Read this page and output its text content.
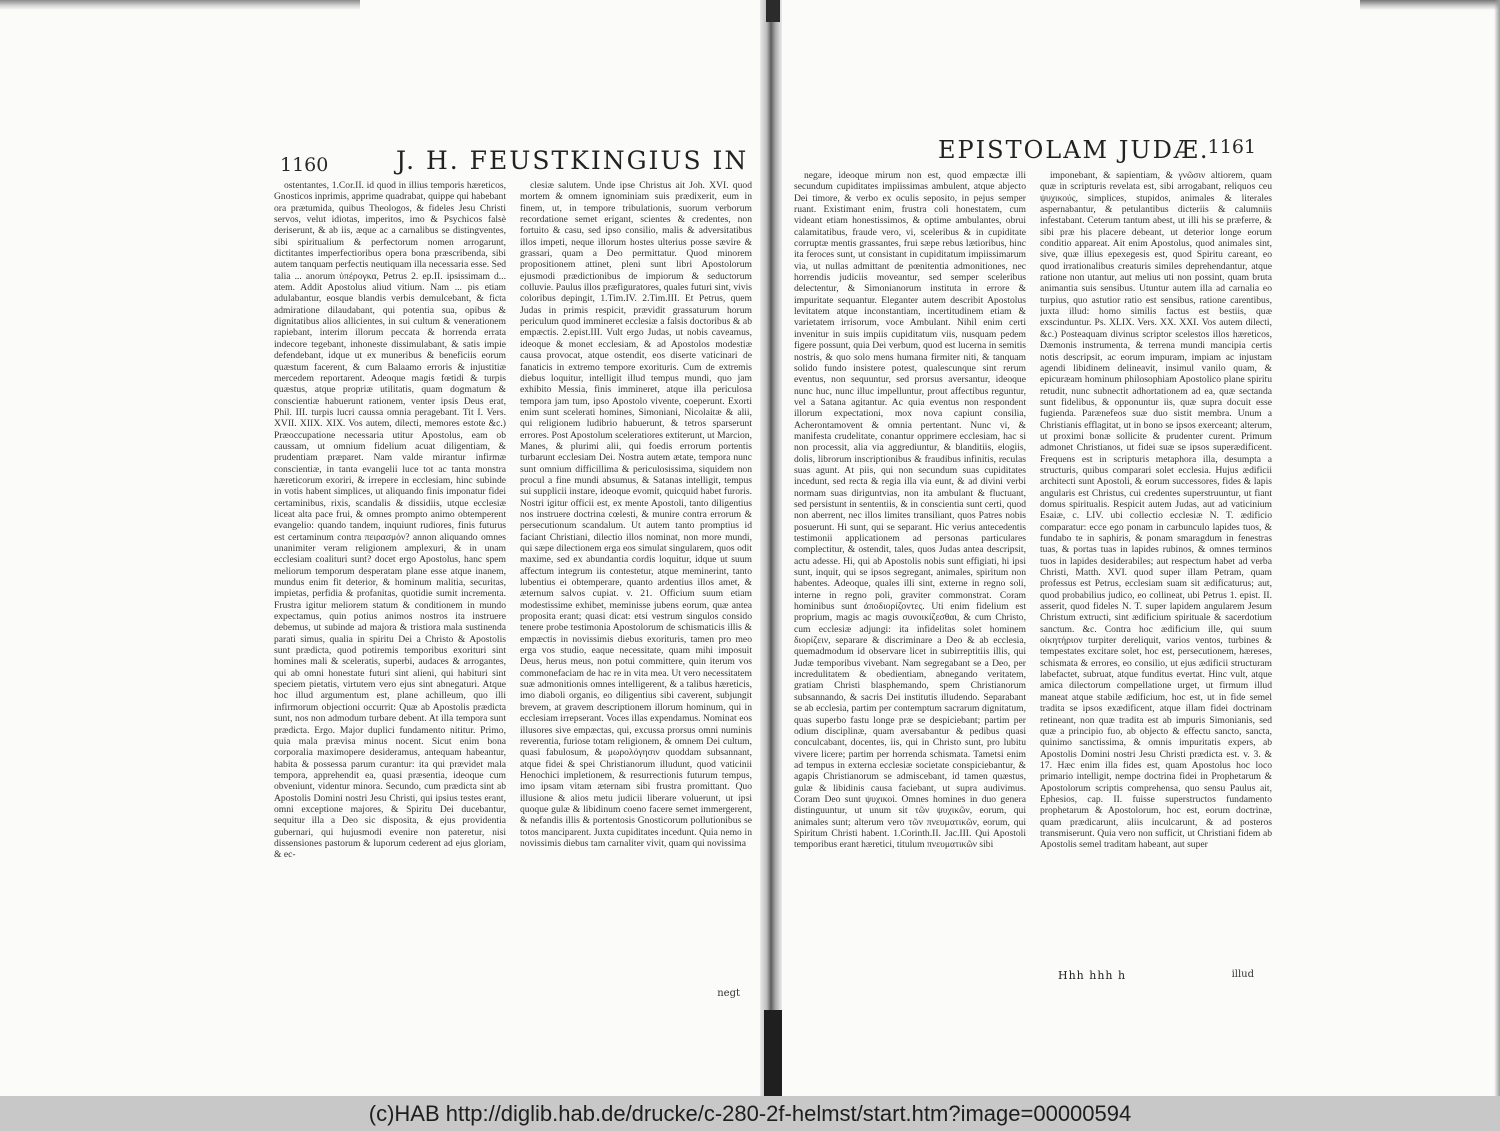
1160	J. H. FEUSTKINGIUS IN

ostentantes, 1.Cor.II. id quod in illius temporis hæreticos, Gnosticos inprimis, apprime quadrabat, quippe qui habebant ora prætumida, quibus Theologos, & fideles Jesu Christi servos, velut idiotas, imperitos, imo & Psychicos falsè deriserunt, & ab iis, æque ac a carnalibus se distingventes, sibi spiritualium & perfectorum nomen arrogarunt, dictitantes imperfectioribus opera bona præscribenda, sibi autem tanquam perfectis neutiquam illa necessaria esse. Sed talia ... anorum ὑπέρογκα, Petrus 2. ep.II. ipsissimam d... atem. Addit Apostolus aliud vitium. Nam ... pis etiam adulabantur, eosque blandis verbis demulcebant, & ficta admiratione dilaudabant, qui potentia sua, opibus & dignitatibus alios allicientes, in sui cultum & venerationem rapiebant, interim illorum peccata & horrenda errata indecore tegebant, inhoneste dissimulabant, & satis impie defendebant, idque ut ex muneribus & beneficiis eorum quæstum facerent, & cum Balaamo erroris & injustitiæ mercedem reportarent. Adeoque magis fœtidi & turpis quæstus, atque propriæ utilitatis, quam dogmatum & conscientiæ habuerunt rationem, venter ipsis Deus erat, Phil. III. turpis lucri caussa omnia peragebant. Tit I. Vers. XVII. XIIX. XIX. Vos autem, dilecti, memores estote &c.) Præoccupatione necessaria utitur Apostolus, eam ob caussam, ut omnium fidelium acuat diligentiam, & prudentiam præparet. Nam valde mirantur infirmæ conscientiæ, in tanta evangelii luce tot ac tanta monstra hæreticorum exoriri, & irrepere in ecclesiam, hinc subinde in votis habent simplices, ut aliquando finis imponatur fidei certaminibus, rixis, scandalis & dissidiis, utque ecclesiæ liceat alta pace frui, & omnes prompto animo obtemperent evangelio: quando tandem, inquiunt rudiores, finis futurus est certaminum contra πειρασμόν? annon aliquando omnes unanimiter veram religionem amplexuri, & in unam ecclesiam coalituri sunt? docet ergo Apostolus, hanc spem meliorum temporum desperatam plane esse atque inanem, mundus enim fit deterior, & hominum malitia, securitas, impietas, perfidia & profanitas, quotidie sumit incrementa. Frustra igitur meliorem statum & conditionem in mundo expectamus, quin potius animos nostros ita instruere debemus, ut subinde ad majora & tristiora mala sustinenda parati simus, qualia in spiritu Dei a Christo & Apostolis sunt prædicta, quod potiremis temporibus exorituri sint homines mali & sceleratis, superbi, audaces & arrogantes, qui ab omni honestate futuri sint alieni, qui habituri sint speciem pietatis, virtutem vero ejus sint abnegaturi. Atque hoc illud argumentum est, plane achilleum, quo illi infirmorum objectioni occurrit: Quæ ab Apostolis prædicta sunt, nos non admodum turbare debent. At illa tempora sunt prædicta. Ergo. Major duplici fundamento nititur. Primo, quia mala prævisa minus nocent. Sicut enim bona corporalia maximopere desideramus, antequam habeantur, habita & possessa parum curantur: ita qui prævidet mala tempora, apprehendit ea, quasi præsentia, ideoque cum obveniunt, videntur minora. Secundo, cum prædicta sint ab Apostolis Domini nostri Jesu Christi, qui ipsius testes erant, omni exceptione majores, & Spiritu Dei ducebantur, sequitur illa a Deo sic disposita, & ejus providentia gubernari, qui hujusmodi evenire non pateretur, nisi dissensiones pastorum & luporum cederent ad ejus gloriam, & ec-

clesiæ salutem. Unde ipse Christus ait Joh. XVI. quod mortem & omnem ignominiam suis prædixerit, eum in finem, ut, in tempore tribulationis, suorum verborum recordatione semet erigant, scientes & credentes, non fortuito & casu, sed ipso consilio, malis & adversitatibus illos impeti, neque illorum hostes ulterius posse sævire & grassari, quam a Deo permittatur. Quod minorem propositionem attinet, pleni sunt libri Apostolorum ejusmodi prædictionibus de impiorum & seductorum colluvie. Paulus illos præfiguratores, quales futuri sint, vivis coloribus depingit, 1.Tim.IV. 2.Tim.III. Et Petrus, quem Judas in primis respicit, prævidit grassaturum horum periculum quod immineret ecclesiæ a falsis doctoribus & ab empæctis. 2.epist.III. Vult ergo Judas, ut nobis caveamus, ideoque & monet ecclesiam, & ad Apostolos modestiæ causa provocat, atque ostendit, eos diserte vaticinari de fanaticis in extremo tempore exorituris. Cum de extremis diebus loquitur, intelligit illud tempus mundi, quo jam exhibito Messia, finis immineret, atque illa periculosa tempora jam tum, ipso Apostolo vivente, coeperunt. Exorti enim sunt scelerati homines, Simoniani, Nicolaitæ & alii, qui religionem ludibrio habuerunt, & tetros sparserunt errores. Post Apostolum sceleratiores extiterunt, ut Marcion, Manes, & plurimi alii, qui foedis errorum portentis turbarunt ecclesiam Dei. Nostra autem ætate, tempora nunc sunt omnium difficillima & periculosissima, siquidem non procul a fine mundi absumus, & Satanas intelligit, tempus sui supplicii instare, ideoque evomit, quicquid habet furoris. Nostri igitur officii est, ex mente Apostoli, tanto diligentius nos instruere doctrina cœlesti, & munire contra errorum & persecutionum scandalum. Ut autem tanto promptius id faciant Christiani, dilectio illos nominat, non more mundi, qui sæpe dilectionem erga eos simulat singularem, quos odit maxime, sed ex abundantia cordis loquitur, idque ut suum affectum integrum iis contestetur, atque meminerint, tanto lubentius ei obtemperare, quanto ardentius illos amet, & æternum salvos cupiat. v. 21. Officium suum etiam modestissime exhibet, meminisse jubens eorum, quæ antea proposita erant; quasi dicat: etsi vestrum singulos consido tenere probe testimonia Apostolorum de schismaticis illis & empæctis in novissimis diebus exorituris, tamen pro meo erga vos studio, eaque necessitate, quam mihi imposuit Deus, herus meus, non potui committere, quin iterum vos commonefaciam de hac re in vita mea. Ut vero necessitatem suæ admonitionis omnes intelligerent, & a talibus hæreticis, imo diaboli organis, eo diligentius sibi caverent, subjungit brevem, at gravem descriptionem illorum hominum, qui in ecclesiam irrepserant. Voces illas expendamus. Nominat eos illusores sive empæctas, qui, excussa prorsus omni numinis reverentia, furiose totam religionem, & omnem Dei cultum, quasi fabulosum, & μωρολόγησιν quoddam subsannant, atque fidei & spei Christianorum illudunt, quod vaticinii Henochici impletionem, & resurrectionis futurum tempus, imo ipsam vitam æternam sibi frustra promittant. Quo illusione & alios metu judicii liberare voluerunt, ut ipsi quoque gulæ & libidinum coeno facere semet immergerent, & nefandis illis & portentosis Gnosticorum pollutionibus se totos manciparent. Juxta cupiditates incedunt. Quia nemo in novissimis diebus tam carnaliter vivit, quam qui novissima

negt
EPISTOLAM JUDÆ.
1161

negare, ideoque mirum non est, quod empæctæ illi secundum cupiditates impiissimas ambulent, atque abjecto Dei timore, & verbo ex oculis seposito, in pejus semper ruant. Existimant enim, frustra coli honestatem, cum videant etiam honestissimos, & optime ambulantes, obrui calamitatibus, fraude vero, vi, sceleribus & in cupiditate corruptæ mentis grassantes, frui sæpe rebus lætioribus, hinc ita feroces sunt, ut consistant in cupiditatum impiissimarum via, ut nullas admittant de pœnitentia admonitiones, nec horrendis judiciis moveantur, sed semper sceleribus delectentur, & Simonianorum instituta in errore & impuritate sequantur. Eleganter autem describit Apostolus levitatem atque inconstantiam, incertitudinem etiam & varietatem irrisorum, voce Ambulant. Nihil enim certi invenitur in suis impiis cupiditatum viis, nusquam pedem figere possunt, quia Dei verbum, quod est lucerna in semitis nostris, & quo solo mens humana firmiter niti, & tanquam solido fundo insistere potest, qualescunque sint rerum eventus, non sequuntur, sed prorsus aversantur, ideoque nunc huc, nunc illuc impelluntur, prout affectibus reguntur, vel a Satana agitantur. Ac quia eventus non respondent illorum expectationi, mox nova capiunt consilia, Acherontamovent & omnia pertentant. Nunc vi, & manifesta crudelitate, conantur opprimere ecclesiam, hac si non processit, alia via aggrediuntur, & blanditiis, elogiis, dolis, librorum inscriptionibus & fraudibus infinitis, reculas suas agunt. At piis, qui non secundum suas cupiditates incedunt, sed recta & regia illa via eunt, & ad divini verbi normam suas diriguntvias, non ita ambulant & fluctuant, sed persistunt in sententiis, & in conscientia sunt certi, quod non aberrent, nec illos limites transiliant, quos Patres nobis posuerunt. Hi sunt, qui se separant. Hic verius antecedentis testimonii applicationem ad personas particulares complectitur, & ostendit, tales, quos Judas antea descripsit, actu adesse. Hi, qui ab Apostolis nobis sunt effigiati, hi ipsi sunt, inquit, qui se ipsos segregant, animales, spiritum non habentes. Adeoque, quales illi sint, externe in regno soli, interne in regno poli, graviter commonstrat. Coram hominibus sunt ἀποδιορίζοντες. Uti enim fidelium est proprium, magis ac magis συνοικίζεσθαι, & cum Christo, cum ecclesiæ adjungi: ita infidelitas solet hominem διορίζειν, separare & discriminare a Deo & ab ecclesia, quemadmodum id observare licet in subirreptitiis illis, qui Judæ temporibus vivebant. Nam segregabant se a Deo, per incredulitatem & obedientiam, abnegando veritatem, gratiam Christi blasphemando, spem Christianorum subsannando, & sacris Dei institutis illudendo. Separabant se ab ecclesia, partim per contemptum sacrarum dignitatum, quas superbo fastu longe præ se despiciebant; partim per odium disciplinæ, quam aversabantur & pedibus quasi conculcabant, docentes, iis, qui in Christo sunt, pro lubitu vivere licere; partim per horrenda schismata. Tametsi enim ad tempus in externa ecclesiæ societate conspiciebantur, & agapis Christianorum se admiscebant, id tamen quæstus, gulæ & libidinis causa faciebant, ut supra audivimus. Coram Deo sunt ψυχικοί. Omnes homines in duo genera distinguuntur, ut unum sit τῶν ψυχικῶν, eorum, qui animales sunt; alterum vero τῶν πνευματικῶν, eorum, qui Spiritum Christi habent. 1.Corinth.II. Jac.III. Qui Apostoli temporibus erant hæretici, titulum πνευματικῶν sibi

imponebant, & sapientiam, & γνῶσιν altiorem, quam quæ in scripturis revelata est, sibi arrogabant, reliquos ceu ψυχικούς, simplices, stupidos, animales & literales aspernabantur, & petulantibus dicteriis & calumniis infestabant. Ceterum tantum abest, ut illi his se præferre, & sibi præ his placere debeant, ut deterior longe eorum conditio appareat. Ait enim Apostolus, quod animales sint, sive, quæ illius epexegesis est, quod Spiritu careant, eo quod irrationalibus creaturis similes deprehendantur, atque ratione non utantur, aut melius uti non possint, quam bruta animantia suis sensibus. Utuntur autem illa ad carnalia eo turpius, quo astutior ratio est sensibus, ratione carentibus, juxta illud: homo similis factus est bestiis, quæ exscinduntur. Ps. XLIX. Vers. XX. XXI. Vos autem dilecti, &c.) Posteaquam divinus scriptor scelestos illos hæreticos, Dæmonis instrumenta, & terrena mundi mancipia certis notis descripsit, ac eorum impuram, impiam ac injustam agendi libidinem delineavit, insimul vanilo quam, & epicuræam hominum philosophiam Apostolico plane spiritu retudit, nunc subnectit adhortationem ad ea, quæ sectanda sunt fidelibus, & opponuntur iis, quæ supra docuit esse fugienda. Parænefeos suæ duo sistit membra. Unum a Christianis efflagitat, ut in bono se ipsos exerceant; alterum, ut proximi bonæ sollicite & prudenter curent. Primum admonet Christianos, ut fidei suæ se ipsos superædificent. Frequens est in scripturis metaphora illa, desumpta a structuris, quibus comparari solet ecclesia. Hujus ædificii architecti sunt Apostoli, & eorum successores, fides & lapis angularis est Christus, cui credentes superstruuntur, ut fiant domus spiritualis. Respicit autem Judas, aut ad vaticinium Esaiæ, c. LIV. ubi collectio ecclesiæ N. T. ædificio comparatur: ecce ego ponam in carbunculo lapides tuos, & fundabo te in saphiris, & ponam smaragdum in fenestras tuas, & portas tuas in lapides rubinos, & omnes terminos tuos in lapides desiderabiles; aut respectum habet ad verba Christi, Matth. XVI. quod super illam Petram, quam professus est Petrus, ecclesiam suam sit ædificaturus; aut, quod probabilius judico, eo collineat, ubi Petrus 1. epist. II. asserit, quod fideles N. T. super lapidem angularem Jesum Christum extructi, sint ædificium spirituale & sacerdotium sanctum. &c. Contra hoc ædificium ille, qui suum οἰκητήριον turpiter dereliquit, varios ventos, turbines & tempestates excitare solet, hoc est, persecutionem, hæreses, schismata & errores, eo consilio, ut ejus ædificii structuram labefactet, subruat, atque funditus evertat. Hinc vult, atque amica dilectorum compellatione urget, ut firmum illud maneat atque stabile ædificium, hoc est, ut in fide semel tradita se ipsos exædificent, atque illam fidei doctrinam retineant, non quæ tradita est ab impuris Simonianis, sed quæ a principio fuo, ab objecto & effectu sancto, sancta, quinimo sanctissima, & omnis impuritatis expers, ab Apostolis Domini nostri Jesu Christi prædicta est. v. 3. & 17. Hæc enim illa fides est, quam Apostolus hoc loco primario intelligit, nempe doctrina fidei in Prophetarum & Apostolorum scriptis comprehensa, quo sensu Paulus ait, Ephesios, cap. II. fuisse superstructos fundamento prophetarum & Apostolorum, hoc est, eorum doctrinæ, quam prædicarunt, aliis inculcarunt, & ad posteros transmiserunt. Quia vero non sufficit, ut Christiani fidem ab Apostolis semel traditam habeant, aut super

Hhh hhh h	illud
(c)HAB http://diglib.hab.de/drucke/c-280-2f-helmst/start.htm?image=00000594
